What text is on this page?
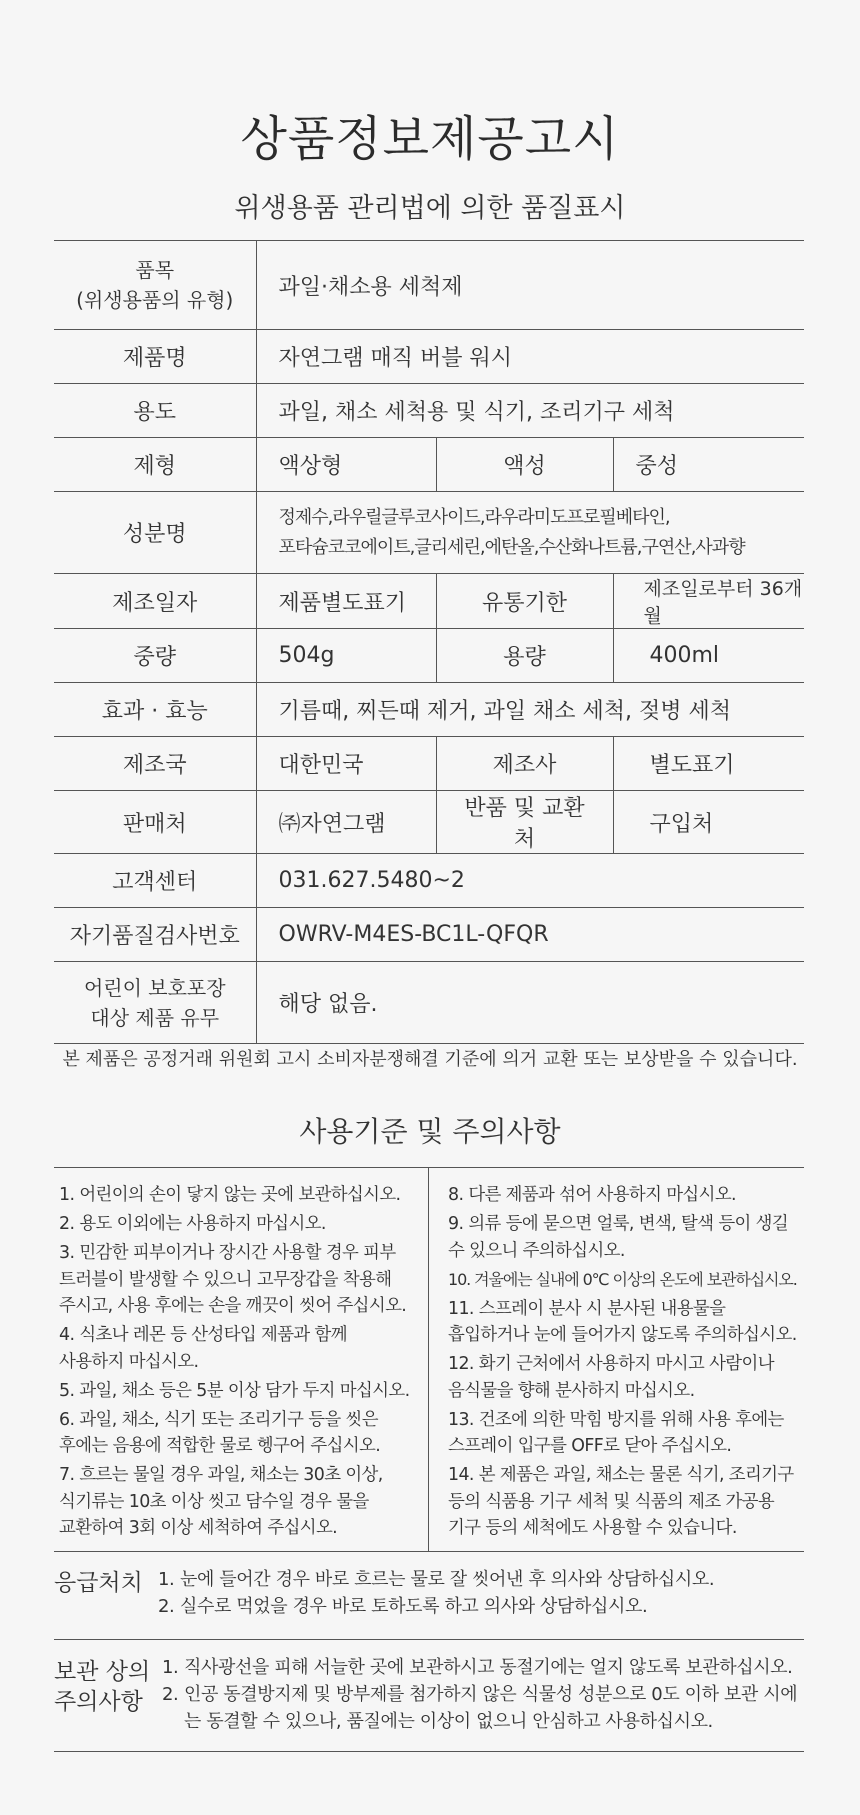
상품정보제공고시
위생용품 관리법에 의한 품질표시
품목
(위생용품의 유형)	과일·채소용 세척제		
제품명	자연그램 매직 버블 워시		
용도	과일, 채소 세척용 및 식기, 조리기구 세척		
제형	액상형	액성	중성
성분명	정제수,라우릴글루코사이드,라우라미도프로필베타인,
포타슘코코에이트,글리세린,에탄올,수산화나트륨,구연산,사과향		

제조일자	제품별도표기	유통기한	제조일로부터 36개월
중량	504g	용량	400ml
효과 · 효능	기름때, 찌든때 제거, 과일 채소 세척, 젖병 세척		
제조국	대한민국	제조사	별도표기
판매처	㈜자연그램	반품 및 교환처	구입처
고객센터	031.627.5480~2		
자기품질검사번호	OWRV-M4ES-BC1L-QFQR		

어린이 보호포장
대상 제품 유무	해당 없음.		
본 제품은 공정거래 위원회 고시 소비자분쟁해결 기준에 의거 교환 또는 보상받을 수 있습니다.
사용기준 및 주의사항
1. 어린이의 손이 닿지 않는 곳에 보관하십시오.
2. 용도 이외에는 사용하지 마십시오.
3. 민감한 피부이거나 장시간 사용할 경우 피부
트러블이 발생할 수 있으니 고무장갑을 착용해
주시고, 사용 후에는 손을 깨끗이 씻어 주십시오.
4. 식초나 레몬 등 산성타입 제품과 함께
사용하지 마십시오.
5. 과일, 채소 등은 5분 이상 담가 두지 마십시오.
6. 과일, 채소, 식기 또는 조리기구 등을 씻은
후에는 음용에 적합한 물로 헹구어 주십시오.
7. 흐르는 물일 경우 과일, 채소는 30초 이상,
식기류는 10초 이상 씻고 담수일 경우 물을
교환하여 3회 이상 세척하여 주십시오.
8. 다른 제품과 섞어 사용하지 마십시오.
9. 의류 등에 묻으면 얼룩, 변색, 탈색 등이 생길
수 있으니 주의하십시오.
10. 겨울에는 실내에 0℃ 이상의 온도에 보관하십시오.
11. 스프레이 분사 시 분사된 내용물을
흡입하거나 눈에 들어가지 않도록 주의하십시오.
12. 화기 근처에서 사용하지 마시고 사람이나
음식물을 향해 분사하지 마십시오.
13. 건조에 의한 막힘 방지를 위해 사용 후에는
스프레이 입구를 OFF로 닫아 주십시오.
14. 본 제품은 과일, 채소는 물론 식기, 조리기구
등의 식품용 기구 세척 및 식품의 제조 가공용
기구 등의 세척에도 사용할 수 있습니다.
응급처치 1. 눈에 들어간 경우 바로 흐르는 물로 잘 씻어낸 후 의사와 상담하십시오.
2. 실수로 먹었을 경우 바로 토하도록 하고 의사와 상담하십시오.
보관 상의
주의사항
1. 직사광선을 피해 서늘한 곳에 보관하시고 동절기에는 얼지 않도록 보관하십시오.
2. 인공 동결방지제 및 방부제를 첨가하지 않은 식물성 성분으로 0도 이하 보관 시에는 동결할 수 있으나, 품질에는 이상이 없으니 안심하고 사용하십시오.
